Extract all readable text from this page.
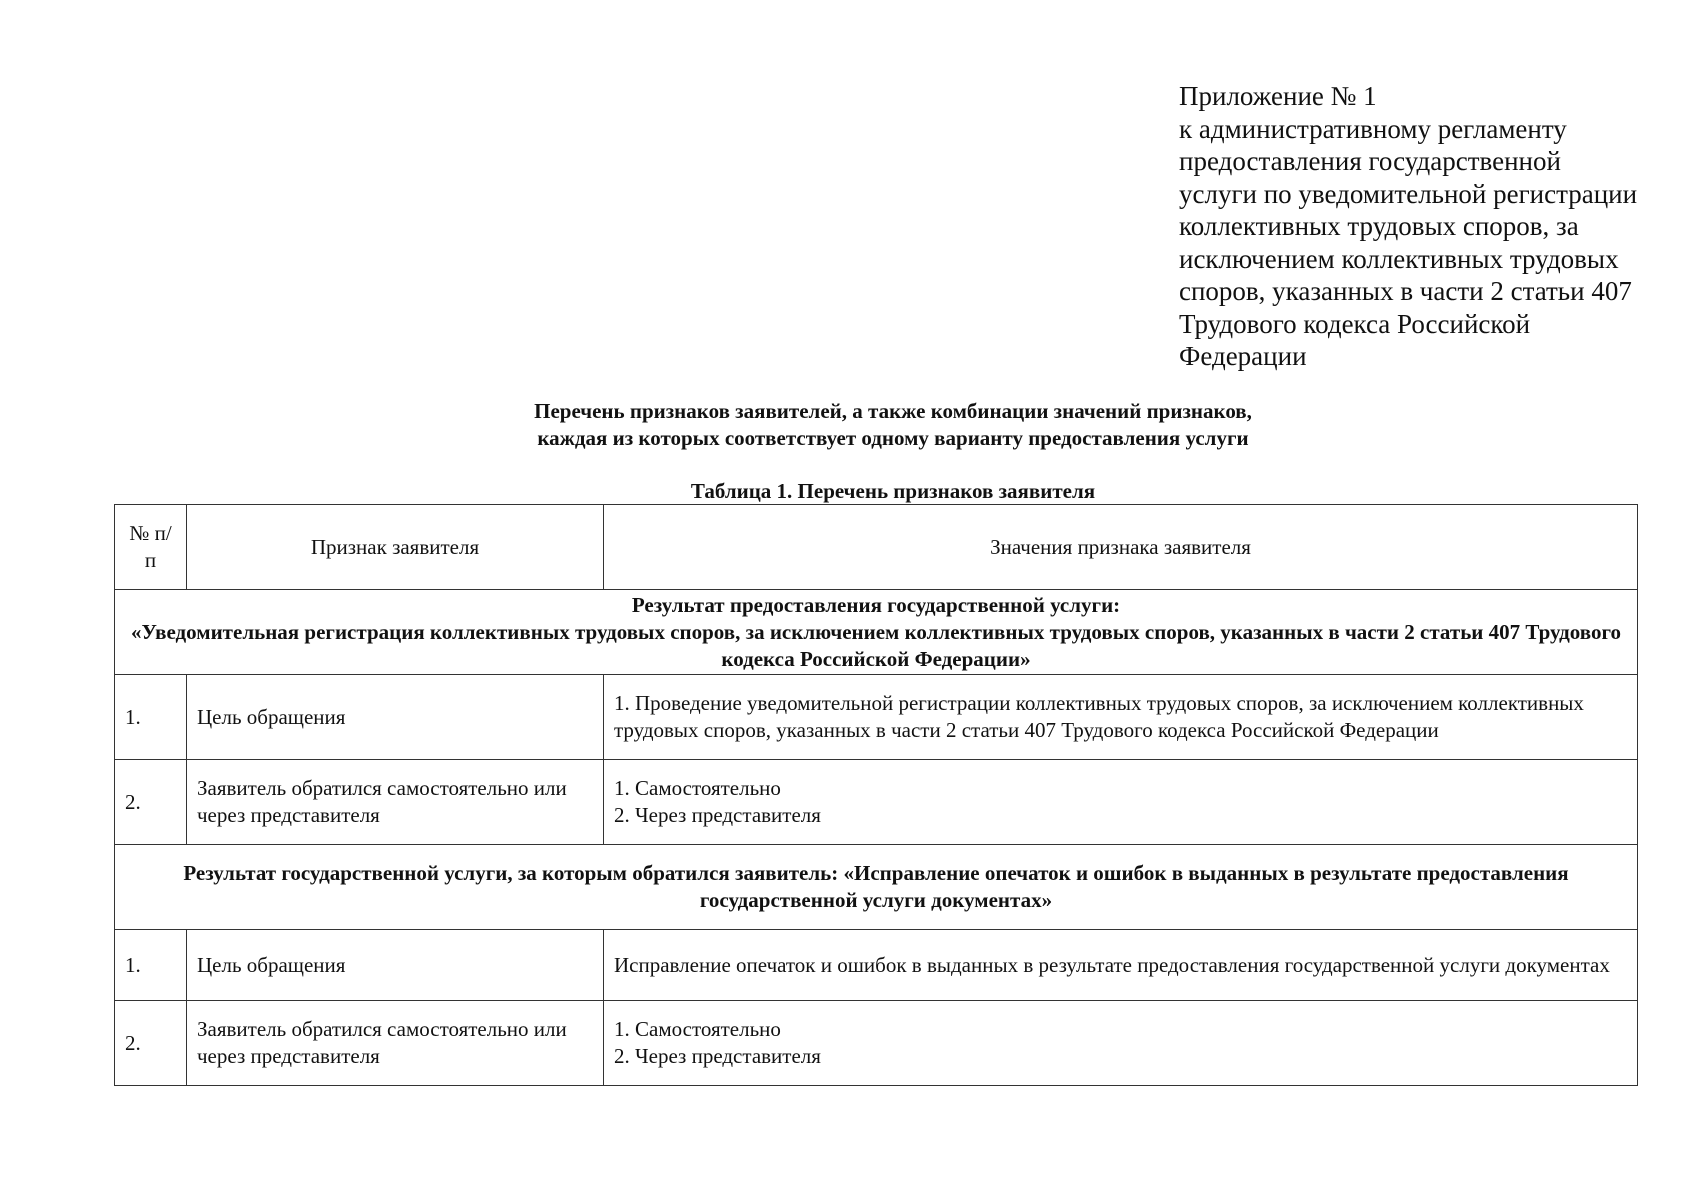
Приложение № 1
к административному регламенту
предоставления государственной
услуги по уведомительной регистрации
коллективных трудовых споров, за
исключением коллективных трудовых
споров, указанных в части 2 статьи 407
Трудового кодекса Российской
Федерации
Перечень признаков заявителей, а также комбинации значений признаков,
каждая из которых соответствует одному варианту предоставления услуги
Таблица 1. Перечень признаков заявителя
№ п/п	Признак заявителя	Значения признака заявителя

Результат предоставления государственной услуги:
«Уведомительная регистрация коллективных трудовых споров, за исключением коллективных трудовых споров, указанных в части 2 статьи 407 Трудового кодекса Российской Федерации»		

1.	Цель обращения	1. Проведение уведомительной регистрации коллективных трудовых споров, за исключением коллективных трудовых споров, указанных в части 2 статьи 407 Трудового кодекса Российской Федерации
2.	Заявитель обратился самостоятельно или через представителя	1. Самостоятельно
2. Через представителя

Результат государственной услуги, за которым обратился заявитель: «Исправление опечаток и ошибок в выданных в результате предоставления государственной услуги документах»		
1.	Цель обращения	Исправление опечаток и ошибок в выданных в результате предоставления государственной услуги документах
2.	Заявитель обратился самостоятельно или через представителя	1. Самостоятельно
2. Через представителя
